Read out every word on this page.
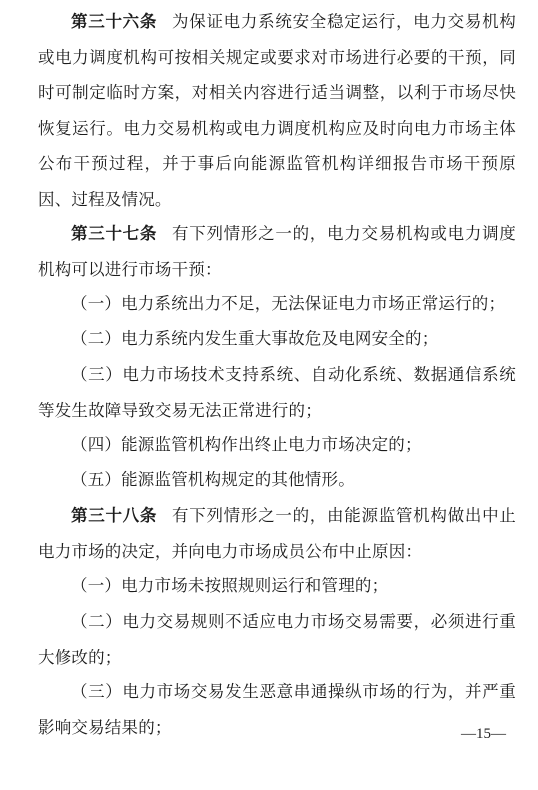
第三十六条 为保证电力系统安全稳定运行，电力交易机构或电力调度机构可按相关规定或要求对市场进行必要的干预，同时可制定临时方案，对相关内容进行适当调整，以利于市场尽快恢复运行。电力交易机构或电力调度机构应及时向电力市场主体公布干预过程，并于事后向能源监管机构详细报告市场干预原因、过程及情况。
第三十七条 有下列情形之一的，电力交易机构或电力调度机构可以进行市场干预：
（一）电力系统出力不足，无法保证电力市场正常运行的；
（二）电力系统内发生重大事故危及电网安全的；
（三）电力市场技术支持系统、自动化系统、数据通信系统等发生故障导致交易无法正常进行的；
（四）能源监管机构作出终止电力市场决定的；
（五）能源监管机构规定的其他情形。
第三十八条 有下列情形之一的，由能源监管机构做出中止电力市场的决定，并向电力市场成员公布中止原因：
（一）电力市场未按照规则运行和管理的；
（二）电力交易规则不适应电力市场交易需要，必须进行重大修改的；
（三）电力市场交易发生恶意串通操纵市场的行为，并严重影响交易结果的；	—15—
